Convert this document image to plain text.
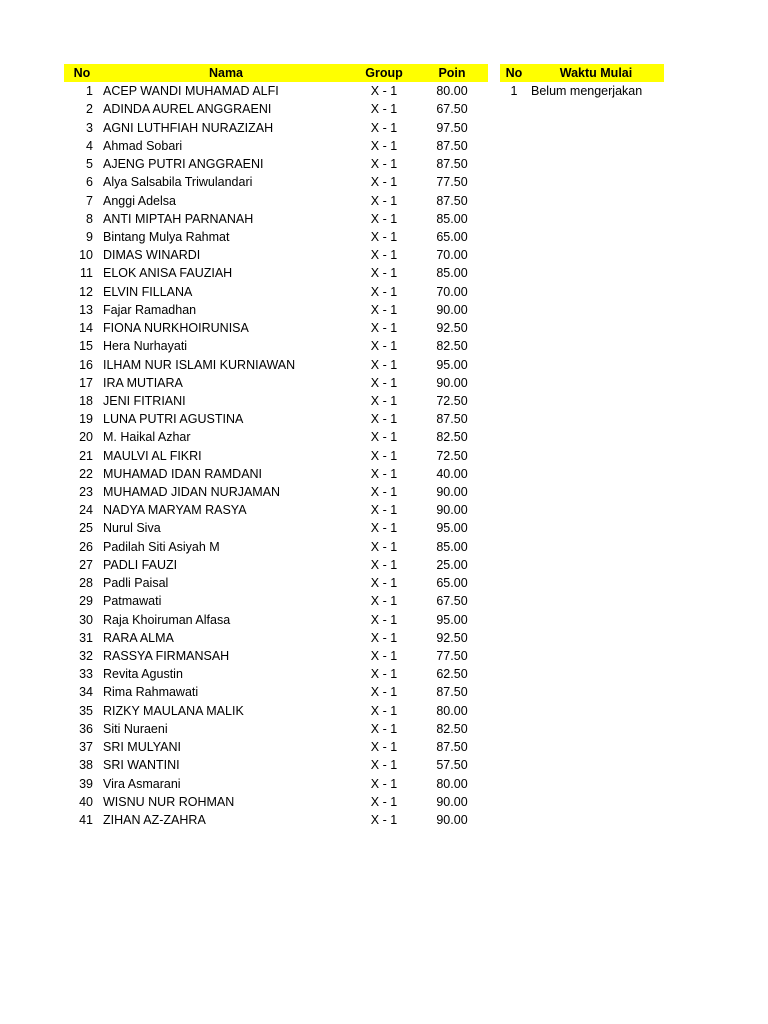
No	Nama	Group	Poin
1	ACEP WANDI MUHAMAD ALFI	X - 1	80.00
2	ADINDA AUREL ANGGRAENI	X - 1	67.50
3	AGNI LUTHFIAH NURAZIZAH	X - 1	97.50
4	Ahmad Sobari	X - 1	87.50
5	AJENG PUTRI ANGGRAENI	X - 1	87.50
6	Alya Salsabila Triwulandari	X - 1	77.50
7	Anggi Adelsa	X - 1	87.50
8	ANTI MIPTAH PARNANAH	X - 1	85.00
9	Bintang Mulya Rahmat	X - 1	65.00
10	DIMAS WINARDI	X - 1	70.00
11	ELOK ANISA FAUZIAH	X - 1	85.00
12	ELVIN FILLANA	X - 1	70.00
13	Fajar Ramadhan	X - 1	90.00
14	FIONA NURKHOIRUNISA	X - 1	92.50
15	Hera Nurhayati	X - 1	82.50
16	ILHAM NUR ISLAMI KURNIAWAN	X - 1	95.00
17	IRA MUTIARA	X - 1	90.00
18	JENI FITRIANI	X - 1	72.50
19	LUNA PUTRI AGUSTINA	X - 1	87.50
20	M. Haikal Azhar	X - 1	82.50
21	MAULVI AL FIKRI	X - 1	72.50
22	MUHAMAD IDAN RAMDANI	X - 1	40.00
23	MUHAMAD JIDAN NURJAMAN	X - 1	90.00
24	NADYA MARYAM RASYA	X - 1	90.00
25	Nurul Siva	X - 1	95.00
26	Padilah Siti Asiyah M	X - 1	85.00
27	PADLI FAUZI	X - 1	25.00
28	Padli Paisal	X - 1	65.00
29	Patmawati	X - 1	67.50
30	Raja Khoiruman Alfasa	X - 1	95.00
31	RARA ALMA	X - 1	92.50
32	RASSYA FIRMANSAH	X - 1	77.50
33	Revita Agustin	X - 1	62.50
34	Rima Rahmawati	X - 1	87.50
35	RIZKY MAULANA MALIK	X - 1	80.00
36	Siti Nuraeni	X - 1	82.50
37	SRI MULYANI	X - 1	87.50
38	SRI WANTINI	X - 1	57.50
39	Vira Asmarani	X - 1	80.00
40	WISNU NUR ROHMAN	X - 1	90.00
41	ZIHAN AZ-ZAHRA	X - 1	90.00
No	Waktu Mulai
1	Belum mengerjakan
